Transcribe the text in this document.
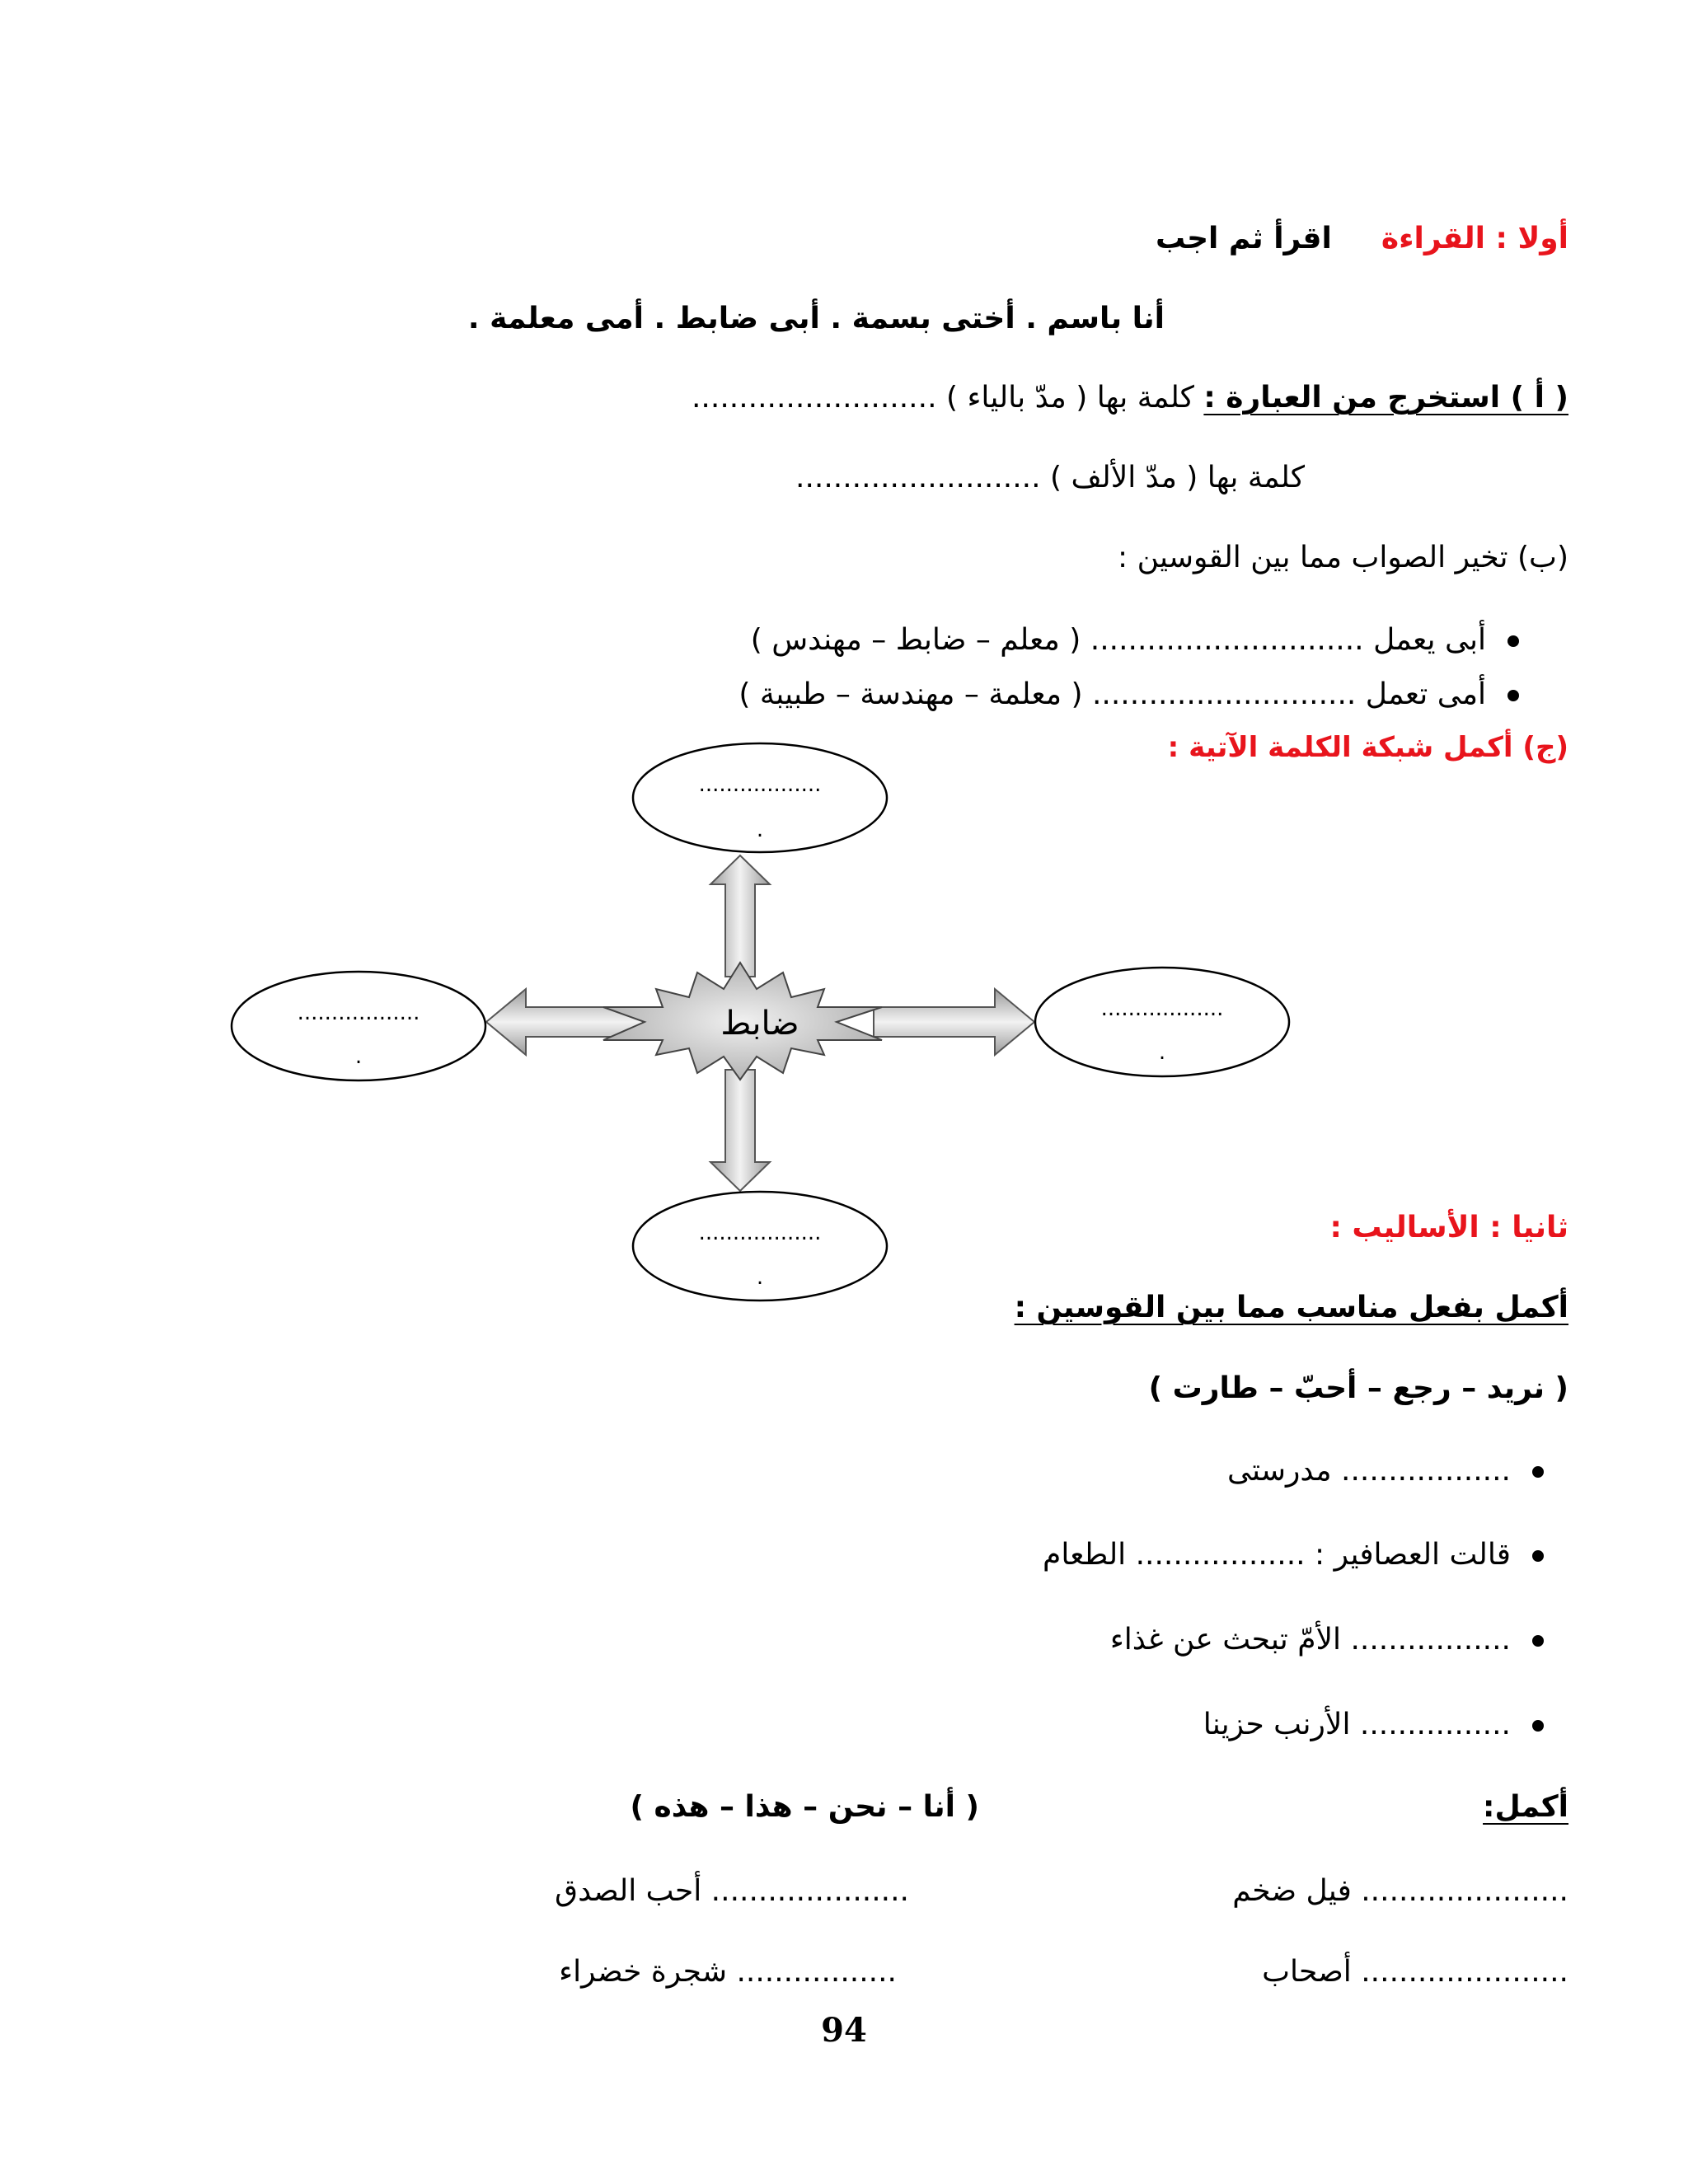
أولا : القراءةاقرأ ثم اجب
أنا باسم . أختى بسمة . أبى ضابط . أمى معلمة .
( أ ) استخرج من العبارة : كلمة بها ( مدّ بالياء ) ..........................
كلمة بها ( مدّ الألف ) ..........................
(ب) تخير الصواب مما بين القوسين :
أبى يعمل ............................. ( معلم – ضابط – مهندس )
أمى تعمل ............................ ( معلمة – مهندسة – طبيبة )
(ج) أكمل شبكة الكلمة الآتية :
ضابط
..................
.
..................
.
..................
.
..................
.
ثانيا : الأساليب :
أكمل بفعل مناسب مما بين القوسين :
( نريد – رجع – أحبّ – طارت )
.................. مدرستى
قالت العصافير : .................. الطعام
................. الأمّ تبحث عن غذاء
................ الأرنب حزينا
أكمل:
( أنا – نحن – هذا – هذه )
...................... فيل ضخم
..................... أحب الصدق
...................... أصحاب
................. شجرة خضراء
94
